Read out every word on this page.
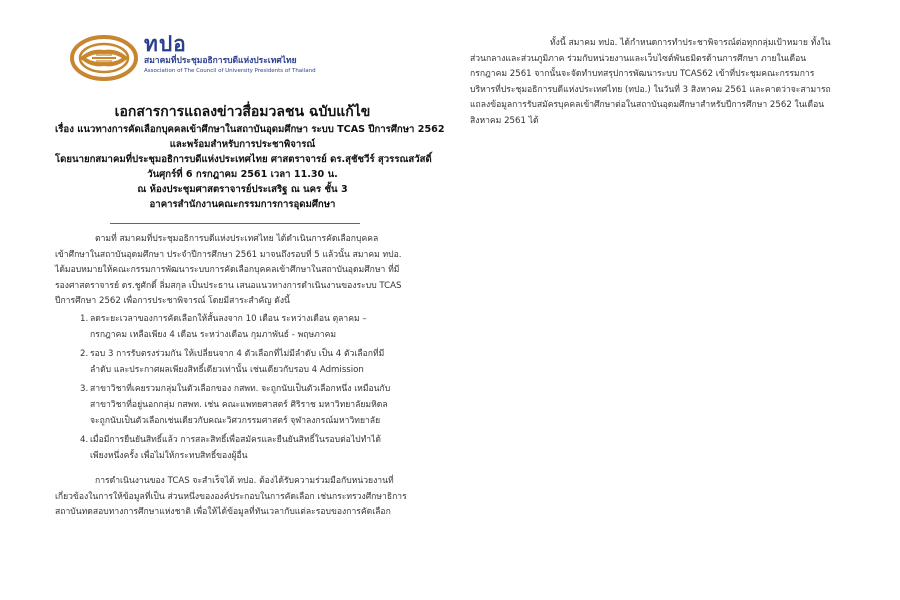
ทปอ
สมาคมที่ประชุมอธิการบดีแห่งประเทศไทย
Association of The Council of University Presidents of Thailand
เอกสารการแถลงข่าวสื่อมวลชน ฉบับแก้ไข
เรื่อง แนวทางการคัดเลือกบุคคลเข้าศึกษาในสถาบันอุดมศึกษา ระบบ TCAS ปีการศึกษา 2562
และพร้อมสำหรับการประชาพิจารณ์
โดยนายกสมาคมที่ประชุมอธิการบดีแห่งประเทศไทย ศาสตราจารย์ ดร.สุชัชวีร์ สุวรรณสวัสดิ์
วันศุกร์ที่ 6 กรกฎาคม 2561 เวลา 11.30 น.
ณ ห้องประชุมศาสตราจารย์ประเสริฐ ณ นคร ชั้น 3
อาคารสำนักงานคณะกรรมการการอุดมศึกษา
ตามที่ สมาคมที่ประชุมอธิการบดีแห่งประเทศไทย ได้ดำเนินการคัดเลือกบุคคล
เข้าศึกษาในสถาบันอุดมศึกษา ประจำปีการศึกษา 2561 มาจนถึงรอบที่ 5 แล้วนั้น สมาคม ทปอ.
ได้มอบหมายให้คณะกรรมการพัฒนาระบบการคัดเลือกบุคคลเข้าศึกษาในสถาบันอุดมศึกษา ที่มี
รองศาสตราจารย์ ดร.ชูศักดิ์ ลิ่มสกุล เป็นประธาน เสนอแนวทางการดำเนินงานของระบบ TCAS
ปีการศึกษา 2562 เพื่อการประชาพิจารณ์ โดยมีสาระสำคัญ ดังนี้
1. ลดระยะเวลาของการคัดเลือกให้สั้นลงจาก 10 เดือน ระหว่างเดือน ตุลาคม –
กรกฎาคม เหลือเพียง 4 เดือน ระหว่างเดือน กุมภาพันธ์ - พฤษภาคม
2. รอบ 3 การรับตรงร่วมกัน ให้เปลี่ยนจาก 4 ตัวเลือกที่ไม่มีลำดับ เป็น 4 ตัวเลือกที่มี
ลำดับ และประกาศผลเพียงสิทธิ์เดียวเท่านั้น เช่นเดียวกับรอบ 4 Admission
3. สาขาวิชาที่เคยรวมกลุ่มในตัวเลือกของ กสพท. จะถูกนับเป็นตัวเลือกหนึ่ง เหมือนกับ
สาขาวิชาที่อยู่นอกกลุ่ม กสพท. เช่น คณะแพทยศาสตร์ ศิริราช มหาวิทยาลัยมหิดล
จะถูกนับเป็นตัวเลือกเช่นเดียวกับคณะวิศวกรรมศาสตร์ จุฬาลงกรณ์มหาวิทยาลัย
4. เมื่อมีการยืนยันสิทธิ์แล้ว การสละสิทธิ์เพื่อสมัครและยืนยันสิทธิ์ในรอบต่อไปทำได้
เพียงหนึ่งครั้ง เพื่อไม่ให้กระทบสิทธิ์ของผู้อื่น
การดำเนินงานของ TCAS จะสำเร็จได้ ทปอ. ต้องได้รับความร่วมมือกับหน่วยงานที่
เกี่ยวข้องในการให้ข้อมูลที่เป็น ส่วนหนึ่งขององค์ประกอบในการคัดเลือก เช่นกระทรวงศึกษาธิการ
สถาบันทดสอบทางการศึกษาแห่งชาติ เพื่อให้ได้ข้อมูลที่ทันเวลากับแต่ละรอบของการคัดเลือก
ทั้งนี้ สมาคม ทปอ. ได้กำหนดการทำประชาพิจารณ์ต่อทุกกลุ่มเป้าหมาย ทั้งใน
ส่วนกลางและส่วนภูมิภาค ร่วมกับหน่วยงานและเว็บไซต์พันธมิตรด้านการศึกษา ภายในเดือน
กรกฎาคม 2561 จากนั้นจะจัดทำบทสรุปการพัฒนาระบบ TCAS62 เข้าที่ประชุมคณะกรรมการ
บริหารที่ประชุมอธิการบดีแห่งประเทศไทย (ทปอ.) ในวันที่ 3 สิงหาคม 2561 และคาดว่าจะสามารถ
แถลงข้อมูลการรับสมัครบุคคลเข้าศึกษาต่อในสถาบันอุดมศึกษาสำหรับปีการศึกษา 2562 ในเดือน
สิงหาคม 2561 ได้
